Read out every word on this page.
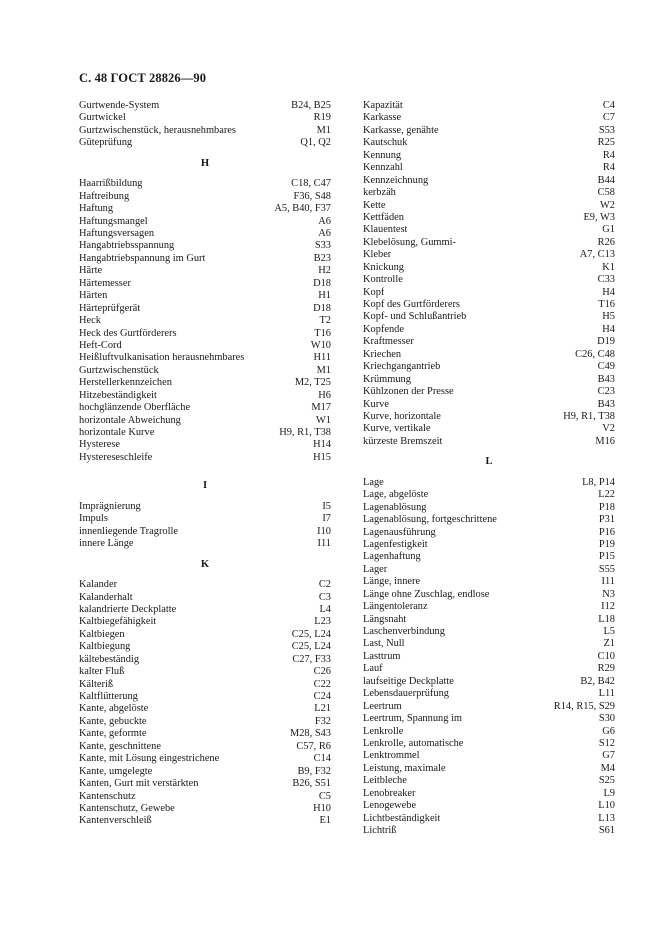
С. 48 ГОСТ 28826—90
Gurtwende-System	B24, B25
Gurtwickel	R19
Gurtzwischenstück, herausnehmbares	M1
Güteprüfung	Q1, Q2
H
Haarrißbildung	C18, C47
Haftreibung	F36, S48
Haftung	A5, B40, F37
Haftungsmangel	A6
Haftungsversagen	A6
Hangabtriebsspannung	S33
Hangabtriebspannung im Gurt	B23
Härte	H2
Härtemesser	D18
Härten	H1
Härteprüfgerät	D18
Heck	T2
Heck des Gurtförderers	T16
Heft-Cord	W10
Heißluftvulkanisation herausnehmbares	H11
Gurtzwischenstück	M1
Herstellerkennzeichen	M2, T25
Hitzebeständigkeit	H6
hochglänzende Oberfläche	M17
horizontale Abweichung	W1
horizontale Kurve	H9, R1, T38
Hysterese	H14
Hystereseschleife	H15
I
Imprägnierung	I5
Impuls	I7
innenliegende Tragrolle	I10
innere Länge	I11
K
Kalander	C2
Kalanderhalt	C3
kalandrierte Deckplatte	L4
Kaltbiegefähigkeit	L23
Kaltbiegen	C25, L24
Kaltbiegung	C25, L24
kältebeständig	C27, F33
kalter Fluß	C26
Kälteriß	C22
Kaltflütterung	C24
Kante, abgelöste	L21
Kante, gebuckte	F32
Kante, geformte	M28, S43
Kante, geschnittene	C57, R6
Kante, mit Lösung eingestrichene	C14
Kante, umgelegte	B9, F32
Kanten, Gurt mit verstärkten	B26, S51
Kantenschutz	C5
Kantenschutz, Gewebe	H10
Kantenverschleiß	E1
Kapazität	C4
Karkasse	C7
Karkasse, genähte	S53
Kautschuk	R25
Kennung	R4
Kennzahl	R4
Kennzeichnung	B44
kerbzäh	C58
Kette	W2
Kettfäden	E9, W3
Klauentest	G1
Klebelösung, Gummi-	R26
Kleber	A7, C13
Knickung	K1
Kontrolle	C33
Kopf	H4
Kopf des Gurtförderers	T16
Kopf- und Schlußantrieb	H5
Kopfende	H4
Kraftmesser	D19
Kriechen	C26, C48
Kriechgangantrieb	C49
Krümmung	B43
Kühlzonen der Presse	C23
Kurve	B43
Kurve, horizontale	H9, R1, T38
Kurve, vertikale	V2
kürzeste Bremszeit	M16
L
Lage	L8, P14
Lage, abgelöste	L22
Lagenablösung	P18
Lagenablösung, fortgeschrittene	P31
Lagenausführung	P16
Lagenfestigkeit	P19
Lagenhaftung	P15
Lager	S55
Länge, innere	I11
Länge ohne Zuschlag, endlose	N3
Längentoleranz	I12
Längsnaht	L18
Laschenverbindung	L5
Last, Null	Z1
Lasttrum	C10
Lauf	R29
laufseitige Deckplatte	B2, B42
Lebensdauerprüfung	L11
Leertrum	R14, R15, S29
Leertrum, Spannung im	S30
Lenkrolle	G6
Lenkrolle, automatische	S12
Lenktrommel	G7
Leistung, maximale	M4
Leitbleche	S25
Lenobreaker	L9
Lenogewebe	L10
Lichtbeständigkeit	L13
Lichtriß	S61
